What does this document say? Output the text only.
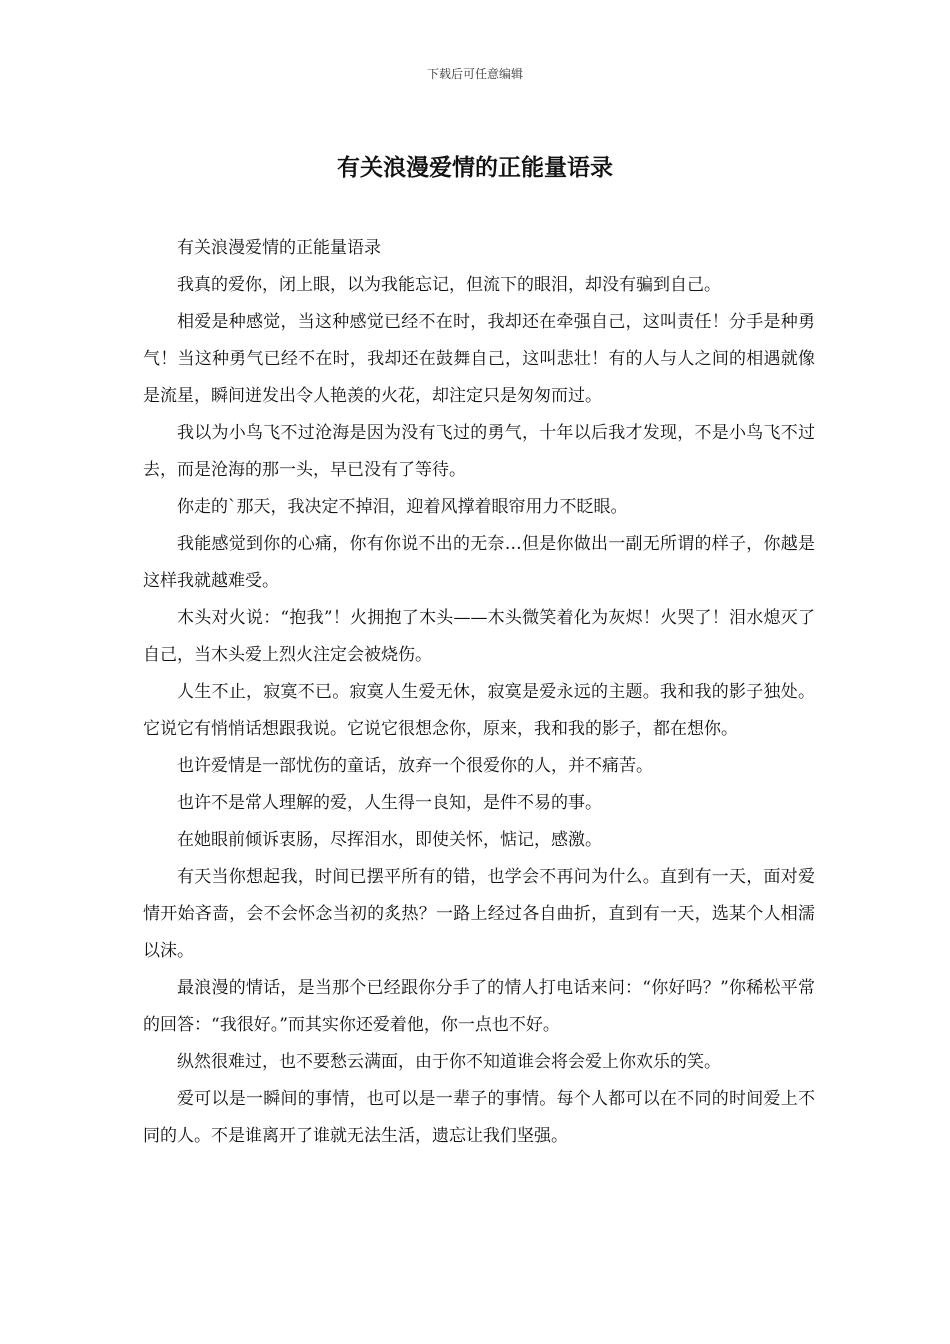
下载后可任意编辑
有关浪漫爱情的正能量语录

有关浪漫爱情的正能量语录

我真的爱你，闭上眼，以为我能忘记，但流下的眼泪，却没有骗到自己。

相爱是种感觉，当这种感觉已经不在时，我却还在牵强自己，这叫责任！分手是种勇气！当这种勇气已经不在时，我却还在鼓舞自己，这叫悲壮！有的人与人之间的相遇就像是流星，瞬间迸发出令人艳羡的火花，却注定只是匆匆而过。

我以为小鸟飞不过沧海是因为没有飞过的勇气，十年以后我才发现，不是小鸟飞不过去，而是沧海的那一头，早已没有了等待。

你走的`那天，我决定不掉泪，迎着风撑着眼帘用力不眨眼。

我能感觉到你的心痛，你有你说不出的无奈…但是你做出一副无所谓的样子，你越是这样我就越难受。

木头对火说：“抱我”！火拥抱了木头——木头微笑着化为灰烬！火哭了！泪水熄灭了自己，当木头爱上烈火注定会被烧伤。

人生不止，寂寞不已。寂寞人生爱无休，寂寞是爱永远的主题。我和我的影子独处。它说它有悄悄话想跟我说。它说它很想念你，原来，我和我的影子，都在想你。

也许爱情是一部忧伤的童话，放弃一个很爱你的人，并不痛苦。

也许不是常人理解的爱，人生得一良知，是件不易的事。

在她眼前倾诉衷肠，尽挥泪水，即使关怀，惦记，感激。

有天当你想起我，时间已摆平所有的错，也学会不再问为什么。直到有一天，面对爱情开始吝啬，会不会怀念当初的炙热？一路上经过各自曲折，直到有一天，选某个人相濡以沫。

最浪漫的情话，是当那个已经跟你分手了的情人打电话来问：“你好吗？”你稀松平常的回答：“我很好。”而其实你还爱着他，你一点也不好。

纵然很难过，也不要愁云满面，由于你不知道谁会将会爱上你欢乐的笑。

爱可以是一瞬间的事情，也可以是一辈子的事情。每个人都可以在不同的时间爱上不同的人。不是谁离开了谁就无法生活，遗忘让我们坚强。
